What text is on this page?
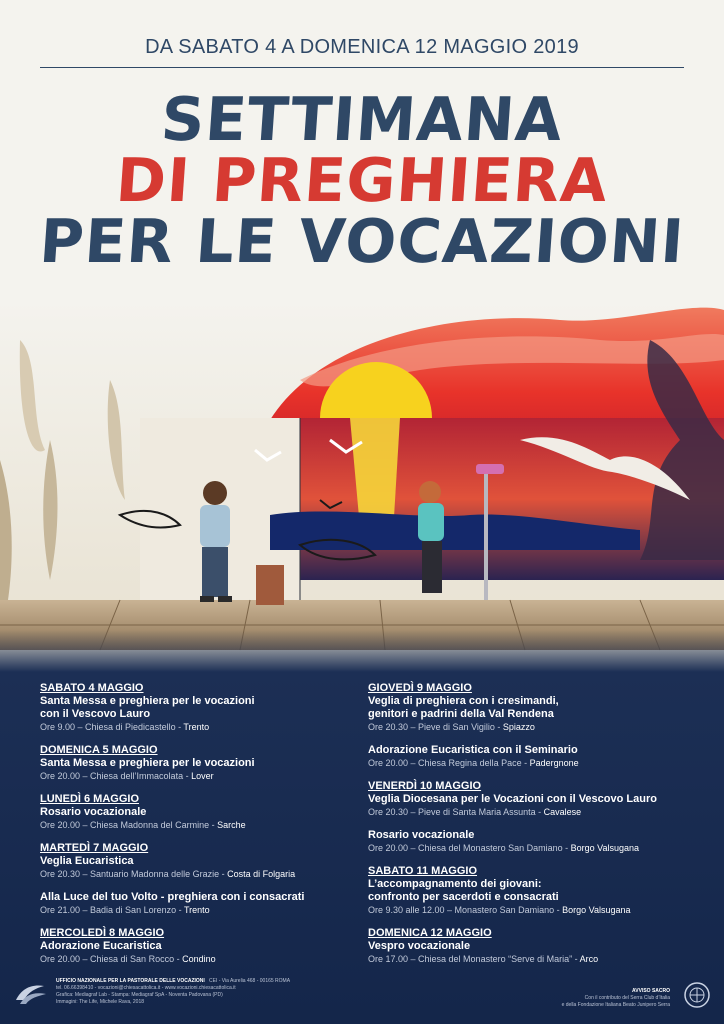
DA SABATO 4 A DOMENICA 12 MAGGIO 2019
SETTIMANA
DI PREGHIERA
PER LE VOCAZIONI
SABATO 4 MAGGIO
Santa Messa e preghiera per le vocazioni
con il Vescovo Lauro
Ore 9.00 – Chiesa di Piedicastello - Trento
DOMENICA 5 MAGGIO
Santa Messa e preghiera per le vocazioni
Ore 20.00 – Chiesa dell’Immacolata - Lover
LUNEDÌ 6 MAGGIO
Rosario vocazionale
Ore 20.00 – Chiesa Madonna del Carmine - Sarche
MARTEDÌ 7 MAGGIO
Veglia Eucaristica
Ore 20.30 – Santuario Madonna delle Grazie - Costa di Folgaria
Alla Luce del tuo Volto - preghiera con i consacrati
Ore 21.00 – Badia di San Lorenzo - Trento
MERCOLEDÌ 8 MAGGIO
Adorazione Eucaristica
Ore 20.00 – Chiesa di San Rocco - Condino
GIOVEDÌ 9 MAGGIO
Veglia di preghiera con i cresimandi,
genitori e padrini della Val Rendena
Ore 20.30 – Pieve di San Vigilio - Spiazzo
Adorazione Eucaristica con il Seminario
Ore 20.00 – Chiesa Regina della Pace - Padergnone
VENERDÌ 10 MAGGIO
Veglia Diocesana per le Vocazioni con il Vescovo Lauro
Ore 20.30 – Pieve di Santa Maria Assunta - Cavalese
Rosario vocazionale
Ore 20.00 – Chiesa del Monastero San Damiano - Borgo Valsugana
SABATO 11 MAGGIO
L’accompagnamento dei giovani:
confronto per sacerdoti e consacrati
Ore 9.30 alle 12.00 – Monastero San Damiano - Borgo Valsugana
DOMENICA 12 MAGGIO
Vespro vocazionale
Ore 17.00 – Chiesa del Monastero “Serve di Maria” - Arco
UFFICIO NAZIONALE PER LA PASTORALE DELLE VOCAZIONI CEI - Via Aurelia 468 - 00165 ROMA
tel. 06.66398410 - vocazioni@chiesacattolica.it - www.vocazioni.chiesacattolica.it
Grafica: Mediagraf Lab - Stampa: Mediagraf SpA - Noventa Padovana (PD)
Immagini: The Life, Michele Rava, 2018
AVVISO SACRO
Con il contributo del Serra Club d’Italia
e della Fondazione Italiana Beato Junipero Serra
